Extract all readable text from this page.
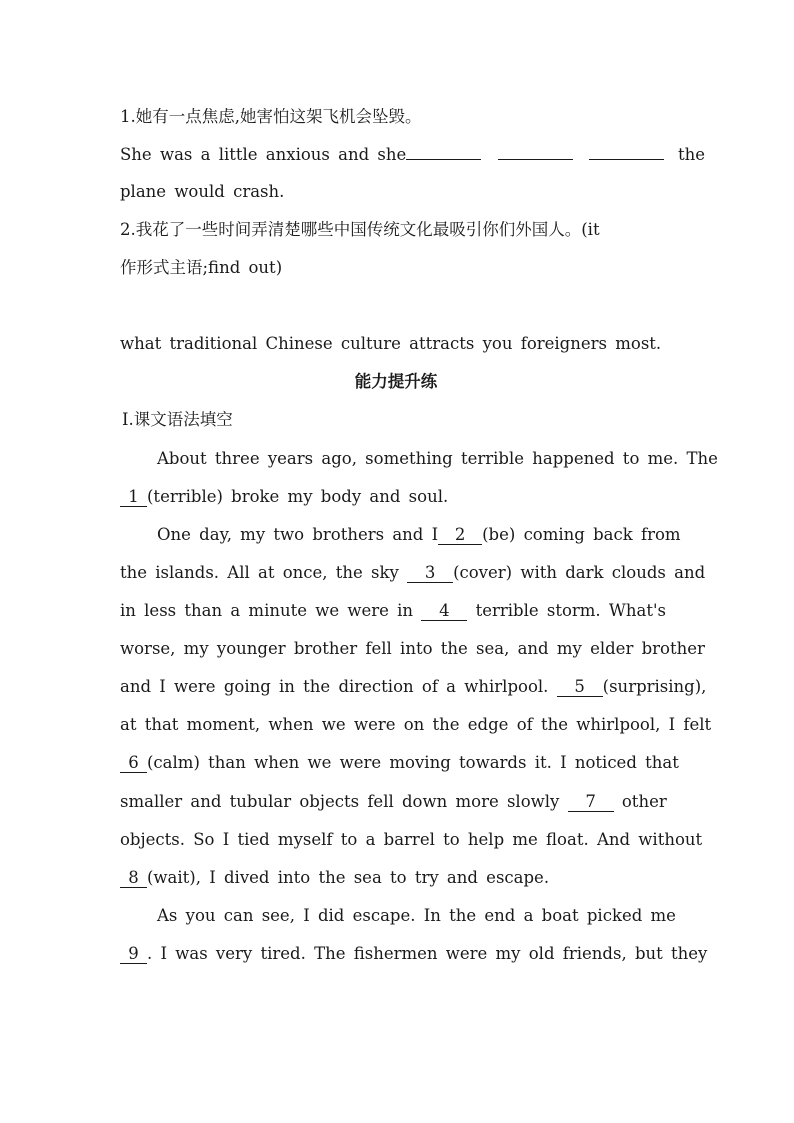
1.她有一点焦虑,她害怕这架飞机会坠毁。
She was a little anxious and she	the
plane would crash.
2.我花了一些时间弄清楚哪些中国传统文化最吸引你们外国人。(it
作形式主语;find out)
what traditional Chinese culture attracts you foreigners most.
能力提升练
Ⅰ.课文语法填空
About three years ago, something terrible happened to me. The
1 (terrible) broke my body and soul.
One day, my two brothers and I 2 (be) coming back from
the islands. All at once, the sky 3 (cover) with dark clouds and
in less than a minute we were in 4 terrible storm. What's
worse, my younger brother fell into the sea, and my elder brother
and I were going in the direction of a whirlpool. 5 (surprising),
at that moment, when we were on the edge of the whirlpool, I felt
6 (calm) than when we were moving towards it. I noticed that
smaller and tubular objects fell down more slowly 7 other
objects. So I tied myself to a barrel to help me float. And without
8 (wait), I dived into the sea to try and escape.
As you can see, I did escape. In the end a boat picked me
9 . I was very tired. The fishermen were my old friends, but they
